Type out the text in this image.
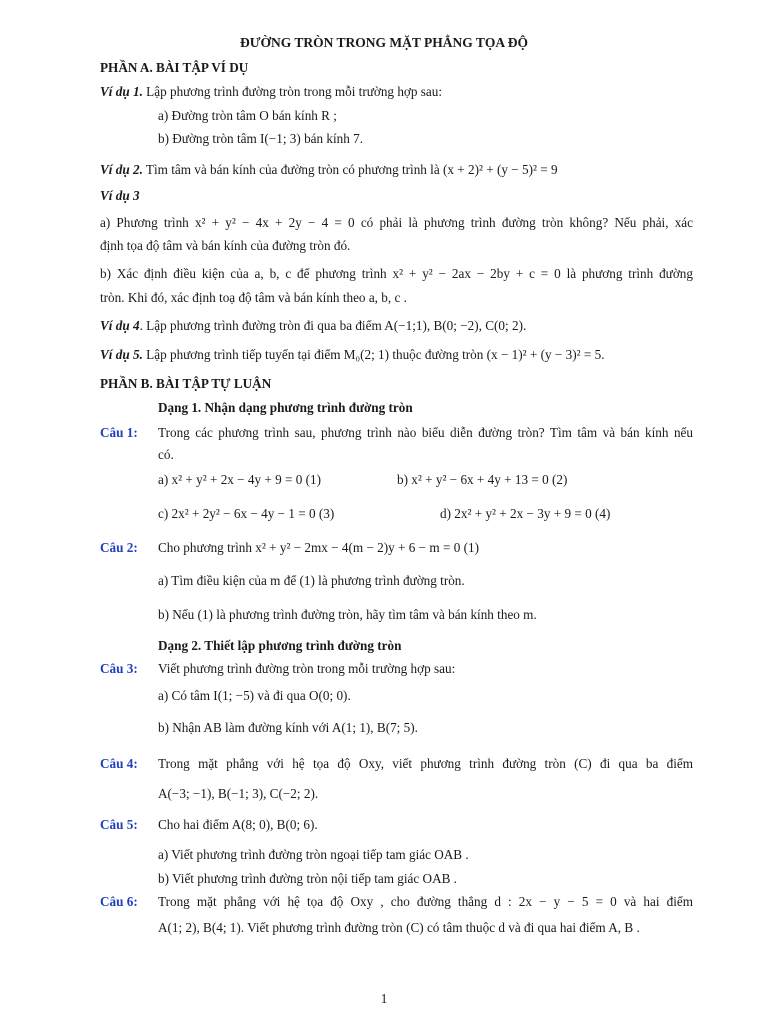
ĐƯỜNG TRÒN TRONG MẶT PHẲNG TỌA ĐỘ
PHẦN A. BÀI TẬP VÍ DỤ
Ví dụ 1. Lập phương trình đường tròn trong mỗi trường hợp sau:
a) Đường tròn tâm O bán kính R ;
b) Đường tròn tâm I(−1; 3) bán kính 7.
Ví dụ 2. Tìm tâm và bán kính của đường tròn có phương trình là (x + 2)² + (y − 5)² = 9
Ví dụ 3
a) Phương trình x² + y² − 4x + 2y − 4 = 0 có phải là phương trình đường tròn không? Nếu phải, xác
định tọa độ tâm và bán kính của đường tròn đó.
b) Xác định điều kiện của a, b, c để phương trình x² + y² − 2ax − 2by + c = 0 là phương trình đường
tròn. Khi đó, xác định toạ độ tâm và bán kính theo a, b, c .
Ví dụ 4. Lập phương trình đường tròn đi qua ba điểm A(−1;1), B(0; −2), C(0; 2).
Ví dụ 5. Lập phương trình tiếp tuyến tại điểm M₀(2; 1) thuộc đường tròn (x − 1)² + (y − 3)² = 5.
PHẦN B. BÀI TẬP TỰ LUẬN
Dạng 1. Nhận dạng phương trình đường tròn
Câu 1: Trong các phương trình sau, phương trình nào biểu diễn đường tròn? Tìm tâm và bán kính nếu
có.
a) x² + y² + 2x − 4y + 9 = 0 (1)	b) x² + y² − 6x + 4y + 13 = 0 (2)
c) 2x² + 2y² − 6x − 4y − 1 = 0 (3)	d) 2x² + y² + 2x − 3y + 9 = 0 (4)
Câu 2: Cho phương trình x² + y² − 2mx − 4(m − 2)y + 6 − m = 0 (1)
a) Tìm điều kiện của m để (1) là phương trình đường tròn.
b) Nếu (1) là phương trình đường tròn, hãy tìm tâm và bán kính theo m.
Dạng 2. Thiết lập phương trình đường tròn
Câu 3: Viết phương trình đường tròn trong mỗi trường hợp sau:
a) Có tâm I(1; −5) và đi qua O(0; 0).
b) Nhận AB làm đường kính với A(1; 1), B(7; 5).
Câu 4: Trong mặt phẳng với hệ tọa độ Oxy, viết phương trình đường tròn (C) đi qua ba điểm
A(−3; −1), B(−1; 3), C(−2; 2).
Câu 5: Cho hai điểm A(8; 0), B(0; 6).
a) Viết phương trình đường tròn ngoại tiếp tam giác OAB .
b) Viết phương trình đường tròn nội tiếp tam giác OAB .
Câu 6: Trong mặt phẳng với hệ tọa độ Oxy , cho đường thẳng d : 2x − y − 5 = 0 và hai điểm
A(1; 2), B(4; 1). Viết phương trình đường tròn (C) có tâm thuộc d và đi qua hai điểm A, B .
1
